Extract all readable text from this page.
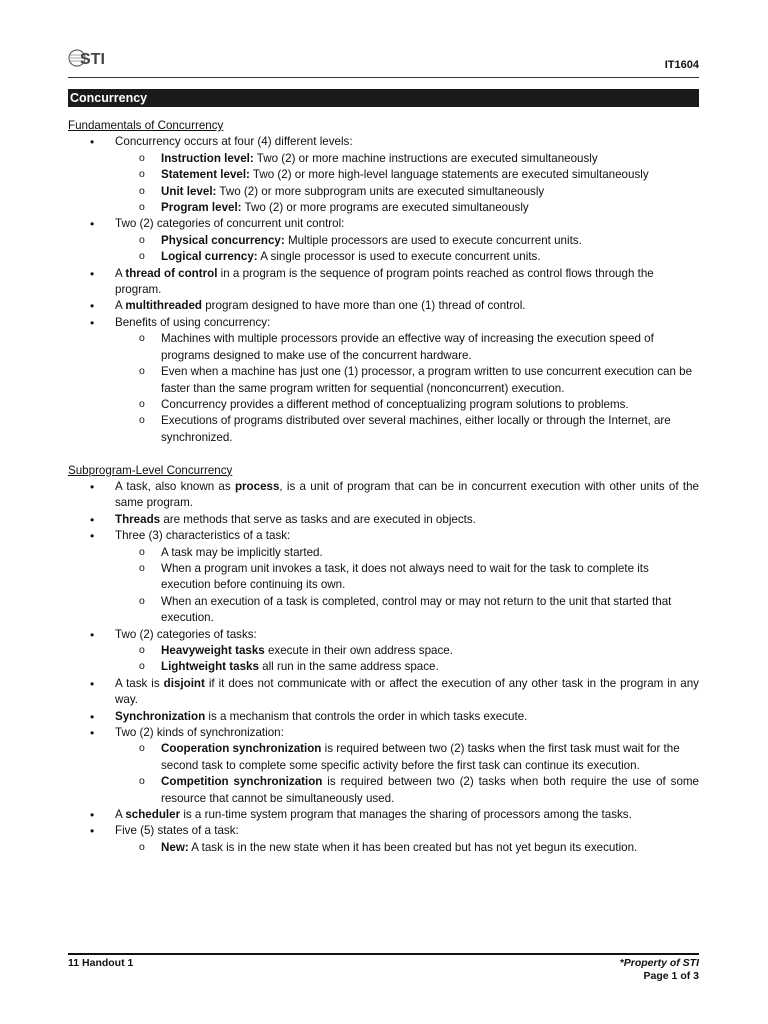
STI	IT1604
Concurrency
Fundamentals of Concurrency
• Concurrency occurs at four (4) different levels:
o Instruction level: Two (2) or more machine instructions are executed simultaneously
o Statement level: Two (2) or more high-level language statements are executed simultaneously
o Unit level: Two (2) or more subprogram units are executed simultaneously
o Program level: Two (2) or more programs are executed simultaneously
• Two (2) categories of concurrent unit control:
o Physical concurrency: Multiple processors are used to execute concurrent units.
o Logical currency: A single processor is used to execute concurrent units.
• A thread of control in a program is the sequence of program points reached as control flows through the program.
• A multithreaded program designed to have more than one (1) thread of control.
• Benefits of using concurrency:
o Machines with multiple processors provide an effective way of increasing the execution speed of programs designed to make use of the concurrent hardware.
o Even when a machine has just one (1) processor, a program written to use concurrent execution can be faster than the same program written for sequential (nonconcurrent) execution.
o Concurrency provides a different method of conceptualizing program solutions to problems.
o Executions of programs distributed over several machines, either locally or through the Internet, are synchronized.
Subprogram-Level Concurrency
• A task, also known as process, is a unit of program that can be in concurrent execution with other units of the same program.
• Threads are methods that serve as tasks and are executed in objects.
• Three (3) characteristics of a task:
o A task may be implicitly started.
o When a program unit invokes a task, it does not always need to wait for the task to complete its execution before continuing its own.
o When an execution of a task is completed, control may or may not return to the unit that started that execution.
• Two (2) categories of tasks:
o Heavyweight tasks execute in their own address space.
o Lightweight tasks all run in the same address space.
• A task is disjoint if it does not communicate with or affect the execution of any other task in the program in any way.
• Synchronization is a mechanism that controls the order in which tasks execute.
• Two (2) kinds of synchronization:
o Cooperation synchronization is required between two (2) tasks when the first task must wait for the second task to complete some specific activity before the first task can continue its execution.
o Competition synchronization is required between two (2) tasks when both require the use of some resource that cannot be simultaneously used.
• A scheduler is a run-time system program that manages the sharing of processors among the tasks.
• Five (5) states of a task:
o New: A task is in the new state when it has been created but has not yet begun its execution.
11 Handout 1	*Property of STI
Page 1 of 3
